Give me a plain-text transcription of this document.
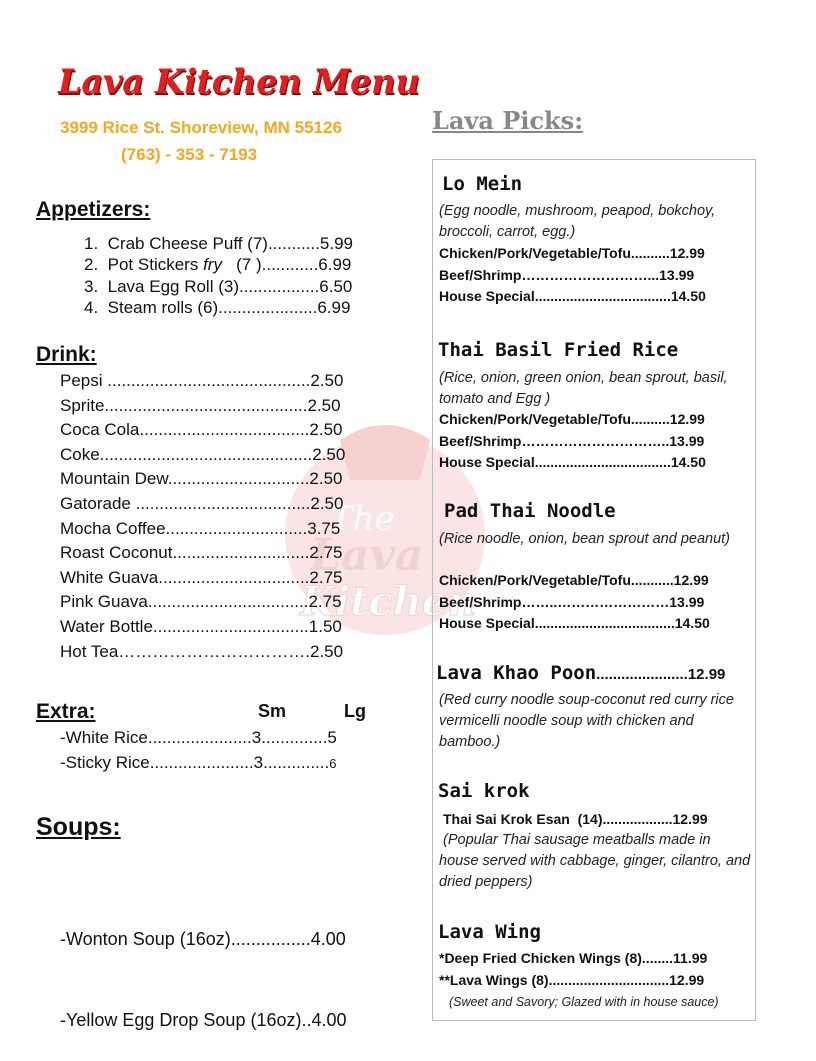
The
Lava
Kitchen
Lava Kitchen Menu
3999 Rice St. Shoreview, MN 55126
(763) - 353 - 7193
Appetizers:
1. Crab Cheese Puff (7)...........5.99
2. Pot Stickers fry   (7 )............6.99
3. Lava Egg Roll (3).................6.50
4. Steam rolls (6).....................6.99
Drink:
Pepsi ...........................................2.50
Sprite...........................................2.50
Coca Cola....................................2.50
Coke.............................................2.50
Mountain Dew..............................2.50
Gatorade .....................................2.50
Mocha Coffee..............................3.75
Roast Coconut.............................2.75
White Guava................................2.75
Pink Guava..................................2.75
Water Bottle.................................1.50
Hot Tea…………………………….2.50
Extra:	Sm	Lg
-White Rice......................3..............5
-Sticky Rice......................3..............6
Soups:

-Wonton Soup (16oz)................4.00

-Yellow Egg Drop Soup (16oz)..4.00

Lava Picks:
Lo Mein
(Egg noodle, mushroom, peapod, bokchoy, broccoli, carrot, egg.)
Chicken/Pork/Vegetable/Tofu..........12.99
Beef/Shrimp………………………...13.99
House Special...................................14.50
Thai Basil Fried Rice
(Rice, onion, green onion, bean sprout, basil, tomato and Egg )
Chicken/Pork/Vegetable/Tofu..........12.99
Beef/Shrimp…………………………..13.99
House Special...................................14.50
Pad Thai Noodle
(Rice noodle, onion, bean sprout and peanut)
Chicken/Pork/Vegetable/Tofu...........12.99
Beef/Shrimp……..……………………13.99
House Special....................................14.50
Lava Khao Poon......................12.99
(Red curry noodle soup-coconut red curry rice vermicelli noodle soup with chicken and bamboo.)
Sai krok
Thai Sai Krok Esan  (14)..................12.99
(Popular Thai sausage meatballs made in house served with cabbage, ginger, cilantro, and dried peppers)
Lava Wing
*Deep Fried Chicken Wings (8)........11.99
**Lava Wings (8)...............................12.99
(Sweet and Savory; Glazed with in house sauce)
